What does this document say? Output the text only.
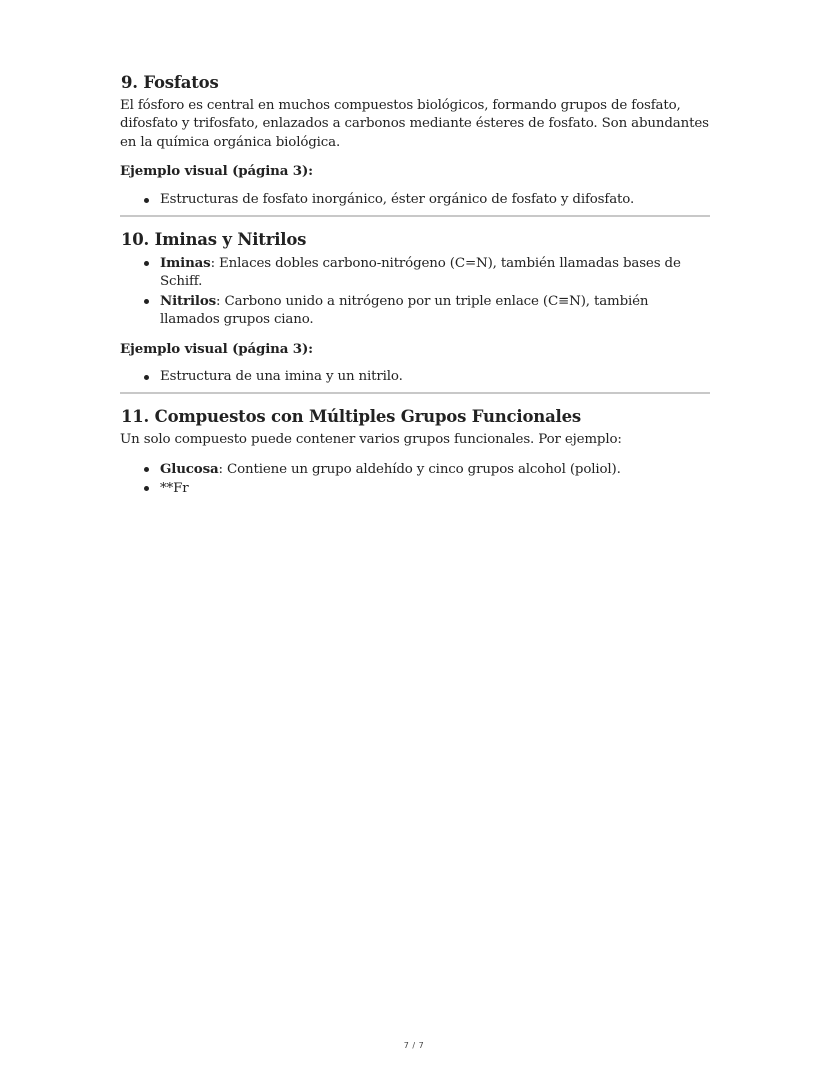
9. Fosfatos

El fósforo es central en muchos compuestos biológicos, formando grupos de fosfato, difosfato y trifosfato, enlazados a carbonos mediante ésteres de fosfato. Son abundantes en la química orgánica biológica.

Ejemplo visual (página 3):

Estructuras de fosfato inorgánico, éster orgánico de fosfato y difosfato.
10. Iminas y Nitrilos
Iminas: Enlaces dobles carbono-nitrógeno (C=N), también llamadas bases de Schiff.
Nitrilos: Carbono unido a nitrógeno por un triple enlace (C≡N), también llamados grupos ciano.

Ejemplo visual (página 3):

Estructura de una imina y un nitrilo.
11. Compuestos con Múltiples Grupos Funcionales

Un solo compuesto puede contener varios grupos funcionales. Por ejemplo:

Glucosa: Contiene un grupo aldehído y cinco grupos alcohol (poliol).
**Fr
7 / 7
